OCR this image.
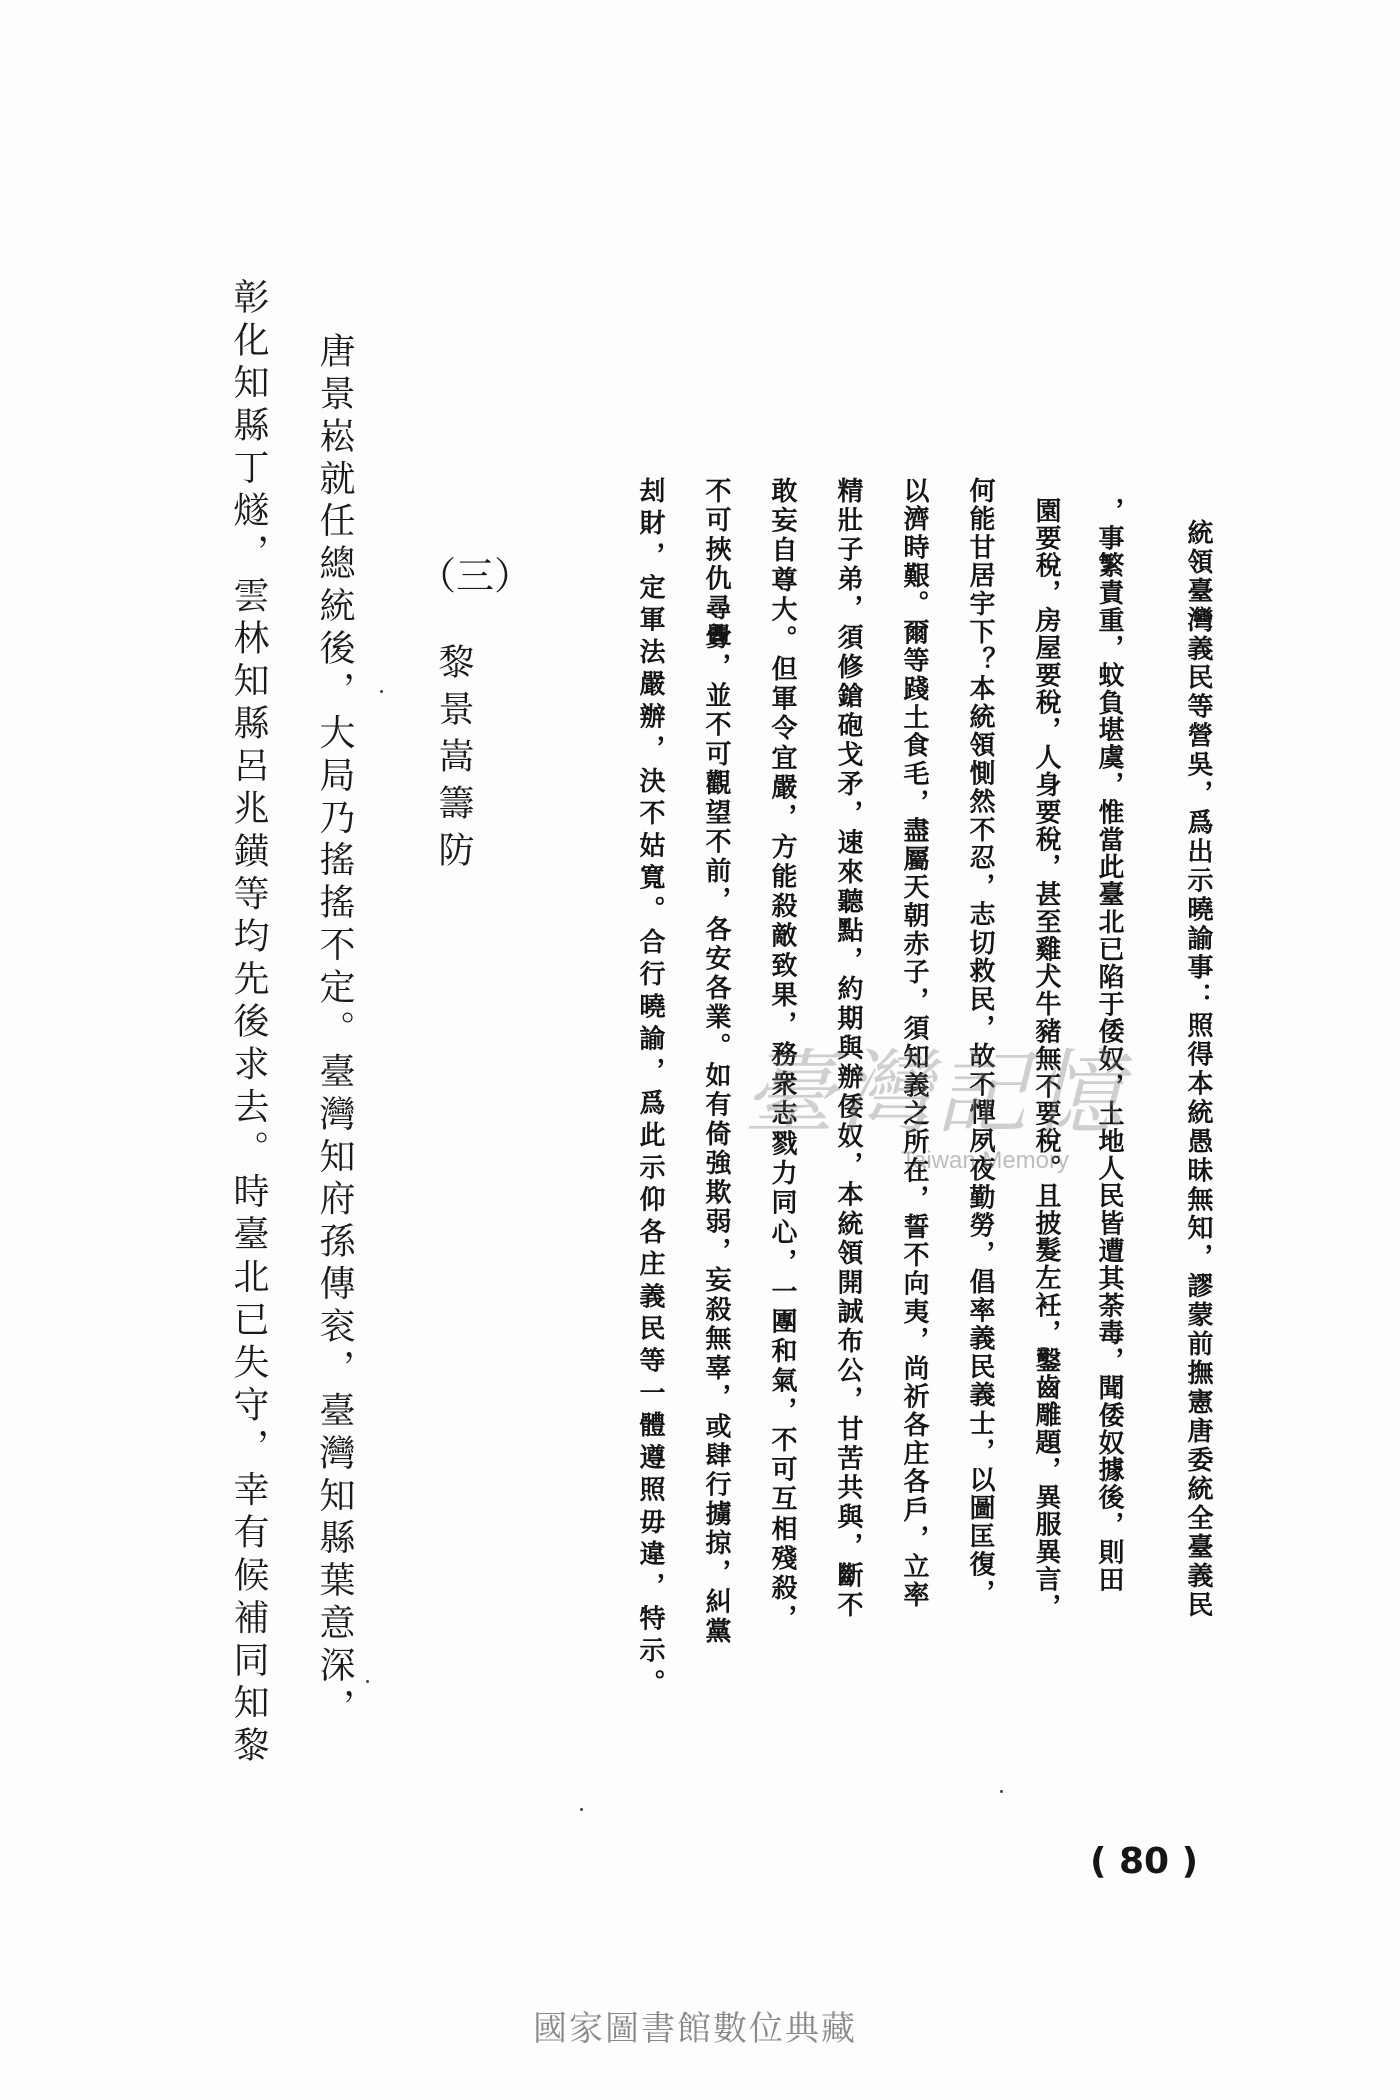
統領臺灣義民等營吳，爲出示曉諭事：照得本統愚昧無知，謬蒙前撫憲唐委統全臺義民
，事繁責重，蚊負堪虞，惟當此臺北已陷于倭奴，土地人民皆遭其荼毒，聞倭奴據後，則田
園要稅，房屋要稅，人身要稅，甚至雞犬牛豬無不要稅。且披髮左衽，鑿齒雕題，異服異言，
何能甘居宇下？本統領惻然不忍，志切救民，故不憚夙夜勤勞，倡率義民義士，以圖匡復，
以濟時艱。爾等踐土食毛，盡屬天朝赤子，須知義之所在，誓不向夷，尚祈各庄各戶，立率
精壯子弟，須修鎗砲戈矛，速來聽點，約期與辦倭奴，本統領開誠布公，甘苦共與，斷不
敢妄自尊大。但軍令宜嚴，方能殺敵致果，務衆志戮力同心，一團和氣，不可互相殘殺，
不可挾仇尋釁，並不可觀望不前，各安各業。如有倚強欺弱，妄殺無辜，或肆行擄掠，糾黨
刦財，定軍法嚴辦，決不姑寬。合行曉諭，爲此示仰各庄義民等一體遵照毋違，特示。
（三）
黎景嵩籌防
唐景崧就任總統後，大局乃搖搖不定。臺灣知府孫傳衮，臺灣知縣葉意深，
彰化知縣丁燧，雲林知縣呂兆鐄等均先後求去。時臺北已失守，幸有候補同知黎	臺灣記憶
Taiwan Memory
( 80 )
國家圖書館數位典藏
